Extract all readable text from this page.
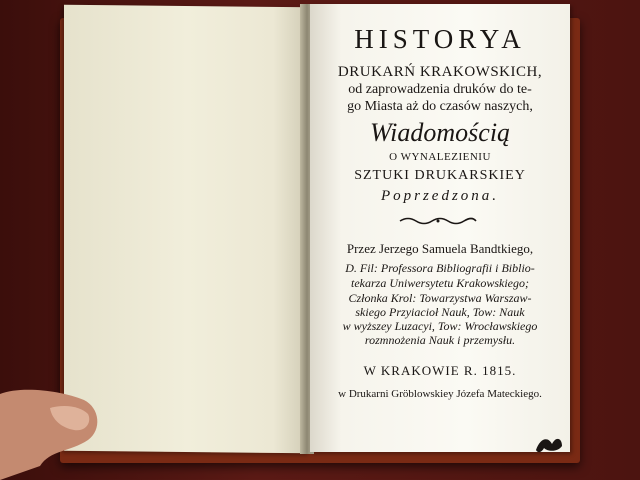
HISTORYA
DRUKARŃ KRAKOWSKICH,
od zaprowadzenia druków do te-
go Miasta aż do czasów naszych,
Wiadomością
O WYNALEZIENIU
SZTUKI DRUKARSKIEY
Poprzedzona.
Przez Jerzego Samuela Bandtkiego,
D. Fil: Professora Bibliografii i Biblio-
tekarza Uniwersytetu Krakowskiego;
Członka Krol: Towarzystwa Warszaw-
skiego Przyiacioł Nauk, Tow: Nauk
w wyższey Luzacyi, Tow: Wrocławskiego
rozmnożenia Nauk i przemysłu.
W KRAKOWIE R. 1815.
w Drukarni Gröblowskiey Józefa Mateckiego.
